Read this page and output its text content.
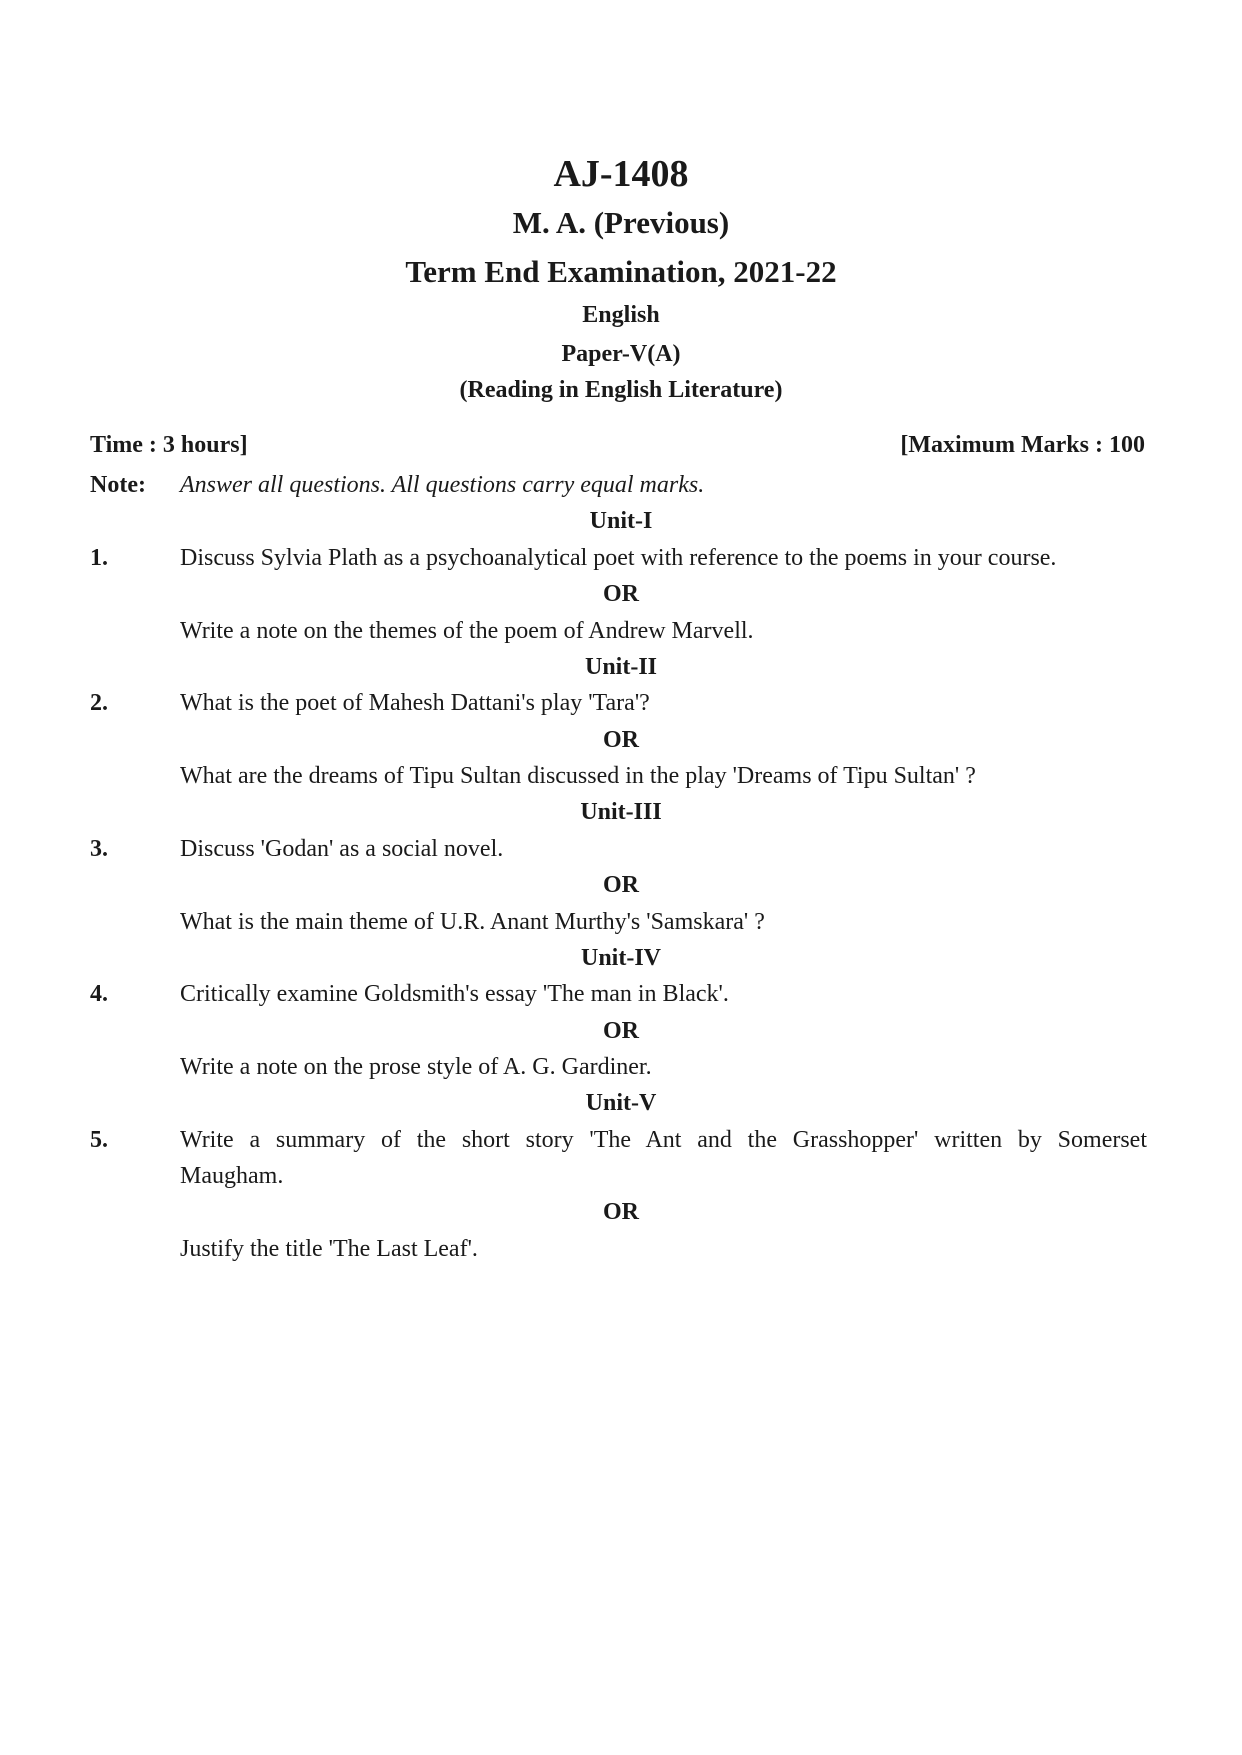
AJ-1408
M. A. (Previous)
Term End Examination, 2021-22
English
Paper-V(A)
(Reading in English Literature)
Time : 3 hours]	[Maximum Marks : 100
Note: Answer all questions. All questions carry equal marks.
Unit-I
1.	Discuss Sylvia Plath as a psychoanalytical poet with reference to the poems in your course.
OR
Write a note on the themes of the poem of Andrew Marvell.
Unit-II
2.	What is the poet of Mahesh Dattani's play 'Tara'?
OR
What are the dreams of Tipu Sultan discussed in the play 'Dreams of Tipu Sultan' ?
Unit-III
3.	Discuss 'Godan' as a social novel.
OR
What is the main theme of U.R. Anant Murthy's 'Samskara' ?
Unit-IV
4.	Critically examine Goldsmith's essay 'The man in Black'.
OR
Write a note on the prose style of A. G. Gardiner.
Unit-V
5.	Write a summary of the short story 'The Ant and the Grasshopper' written by Somerset
Maugham.
OR
Justify the title 'The Last Leaf'.
